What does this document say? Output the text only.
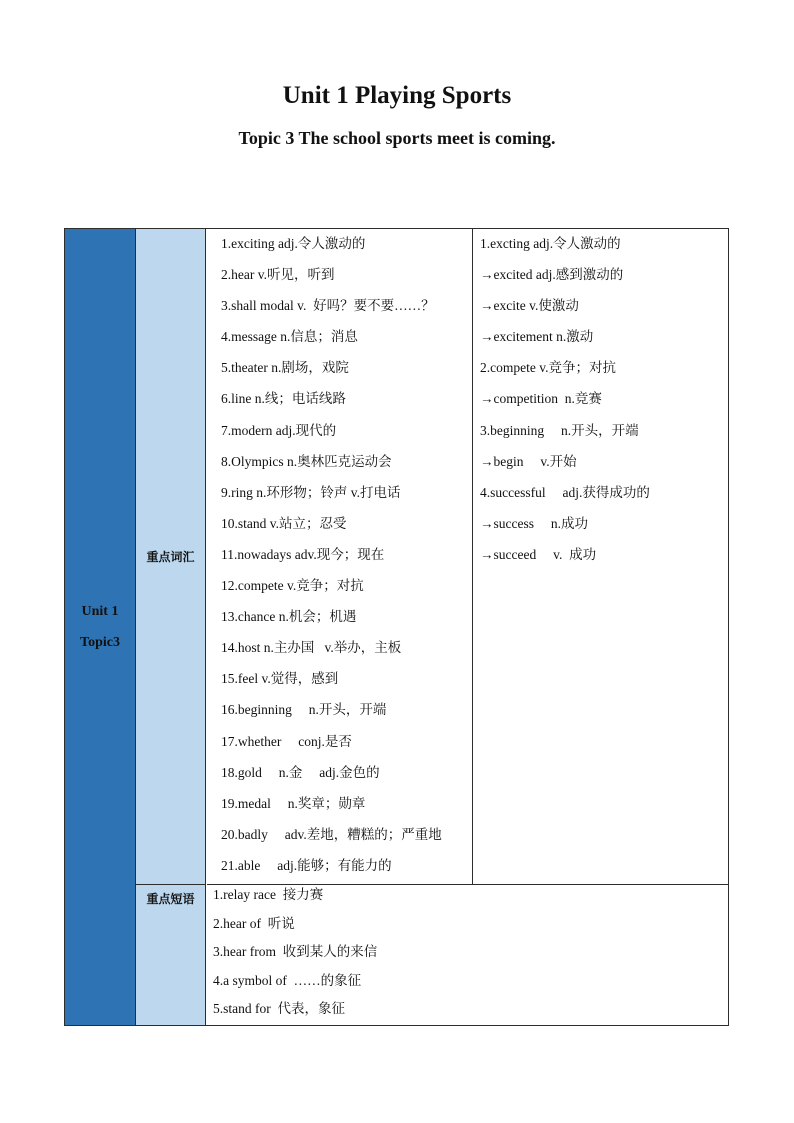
Unit 1 Playing Sports
Topic 3 The school sports meet is coming.
Unit 1
Topic3
重点词汇
重点短语
1.exciting adj.令人激动的
2.hear v.听见，听到
3.shall modal v.  好吗？要不要……？
4.message n.信息；消息
5.theater n.剧场，戏院
6.line n.线；电话线路
7.modern adj.现代的
8.Olympics n.奥林匹克运动会
9.ring n.环形物；铃声 v.打电话
10.stand v.站立；忍受
11.nowadays adv.现今；现在
12.compete v.竞争；对抗
13.chance n.机会；机遇
14.host n.主办国   v.举办，主板
15.feel v.觉得，感到
16.beginning     n.开头，开端
17.whether     conj.是否
18.gold     n.金     adj.金色的
19.medal     n.奖章；勋章
20.badly     adv.差地，糟糕的；严重地
21.able     adj.能够；有能力的
1.excting adj.令人激动的
→excited adj.感到激动的
→excite v.使激动
→excitement n.激动
2.compete v.竞争；对抗
→competition  n.竞赛
3.beginning     n.开头，开端
→begin     v.开始
4.successful     adj.获得成功的
→success     n.成功
→succeed     v.  成功
1.relay race  接力赛
2.hear of  听说
3.hear from  收到某人的来信
4.a symbol of  ……的象征
5.stand for  代表，象征
